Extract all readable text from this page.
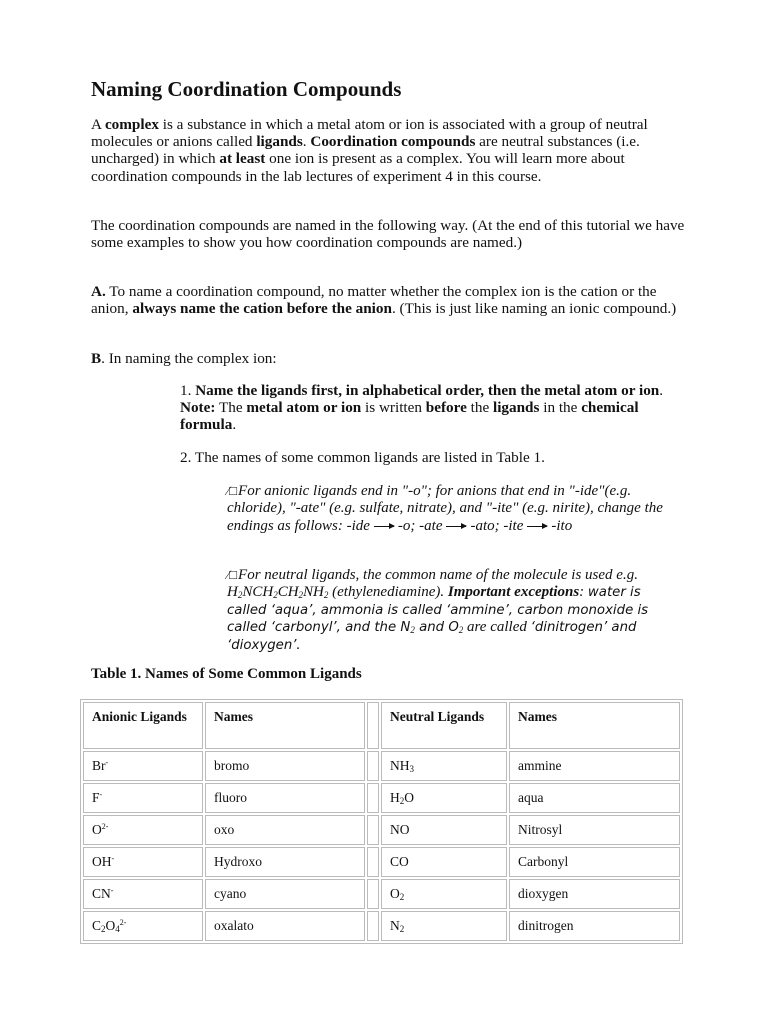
Naming Coordination Compounds

A complex is a substance in which a metal atom or ion is associated with a group of neutral molecules or anions called ligands. Coordination compounds are neutral substances (i.e. uncharged) in which at least one ion is present as a complex. You will learn more about coordination compounds in the lab lectures of experiment 4 in this course.

The coordination compounds are named in the following way. (At the end of this tutorial we have some examples to show you how coordination compounds are named.)

A. To name a coordination compound, no matter whether the complex ion is the cation or the anion, always name the cation before the anion. (This is just like naming an ionic compound.)

B. In naming the complex ion:

1. Name the ligands first, in alphabetical order, then the metal atom or ion. Note: The metal atom or ion is written before the ligands in the chemical formula.

2. The names of some common ligands are listed in Table 1.

⁄□For anionic ligands end in "-o"; for anions that end in "-ide"(e.g. chloride), "-ate" (e.g. sulfate, nitrate), and "-ite" (e.g. nirite), change the endings as follows: -ide -o; -ate -ato; -ite -ito

⁄□For neutral ligands, the common name of the molecule is used e.g. $H_2NCH_2CH_2NH_2$ (ethylenediamine). Important exceptions: water is called ‘aqua’, ammonia is called ‘ammine’, carbon monoxide is called ‘carbonyl’, and the $N_2$ and $O_2$ are called ‘dinitrogen’ and ‘dioxygen’.

Table 1. Names of Some Common Ligands

Anionic Ligands	Names		Neutral Ligands	Names
Br-	bromo		$NH_3$	ammine
F-	fluoro		$H_2O$	aqua
$O^{2-}$	oxo		NO	Nitrosyl
OH-	Hydroxo		CO	Carbonyl
CN-	cyano		$O_2$	dioxygen
$C_2O_4^{2-}$	oxalato		$N_2$	dinitrogen
